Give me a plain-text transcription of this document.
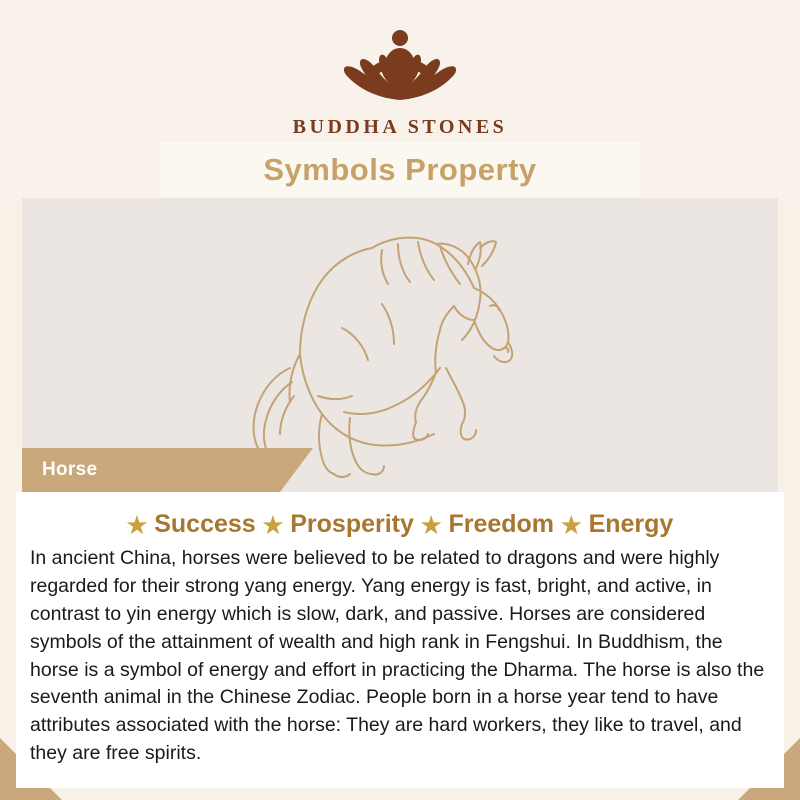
BUDDHA STONES
Symbols Property
Horse
★ Success ★ Prosperity ★ Freedom ★ Energy
In ancient China, horses were believed to be related to dragons and were highly regarded for their strong yang energy. Yang energy is fast, bright, and active, in contrast to yin energy which is slow, dark, and passive. Horses are considered symbols of the attainment of wealth and high rank in Fengshui. In Buddhism, the horse is a symbol of energy and effort in practicing the Dharma. The horse is also the seventh animal in the Chinese Zodiac. People born in a horse year tend to have attributes associated with the horse: They are hard workers, they like to travel, and they are free spirits.
